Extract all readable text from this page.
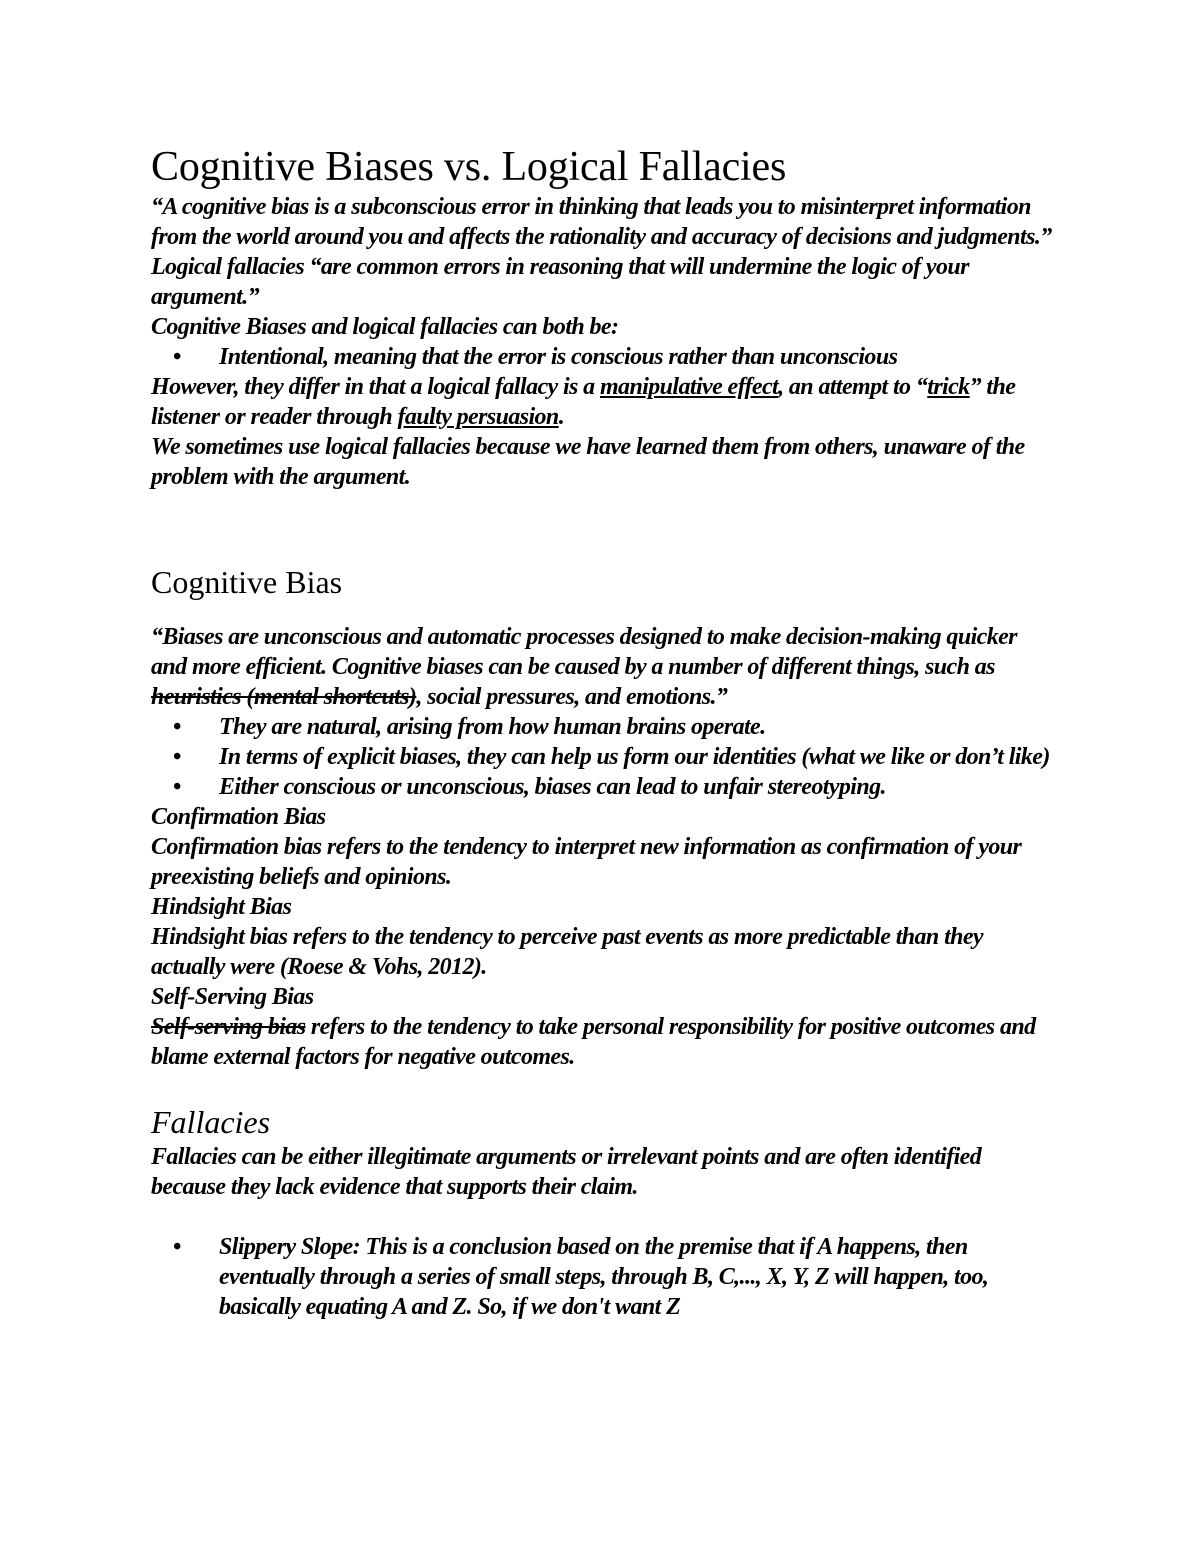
Cognitive Biases vs. Logical Fallacies

“A cognitive bias is a subconscious error in thinking that leads you to misinterpret information from the world around you and affects the rationality and accuracy of decisions and judgments.”

Logical fallacies “are common errors in reasoning that will undermine the logic of your argument.”

Cognitive Biases and logical fallacies can both be:

• Intentional, meaning that the error is conscious rather than unconscious

However, they differ in that a logical fallacy is a manipulative effect, an attempt to “trick” the listener or reader through faulty persuasion.

We sometimes use logical fallacies because we have learned them from others, unaware of the problem with the argument.

Cognitive Bias

“Biases are unconscious and automatic processes designed to make decision-making quicker and more efficient. Cognitive biases can be caused by a number of different things, such as heuristics (mental shortcuts), social pressures, and emotions.”

• They are natural, arising from how human brains operate.
• In terms of explicit biases, they can help us form our identities (what we like or don’t like)
• Either conscious or unconscious, biases can lead to unfair stereotyping.

Confirmation Bias

Confirmation bias refers to the tendency to interpret new information as confirmation of your preexisting beliefs and opinions.

Hindsight Bias

Hindsight bias refers to the tendency to perceive past events as more predictable than they actually were (Roese & Vohs, 2012).

Self-Serving Bias

Self-serving bias refers to the tendency to take personal responsibility for positive outcomes and blame external factors for negative outcomes.

Fallacies

Fallacies can be either illegitimate arguments or irrelevant points and are often identified because they lack evidence that supports their claim.

• Slippery Slope: This is a conclusion based on the premise that if A happens, then eventually through a series of small steps, through B, C,..., X, Y, Z will happen, too, basically equating A and Z. So, if we don't want Z
